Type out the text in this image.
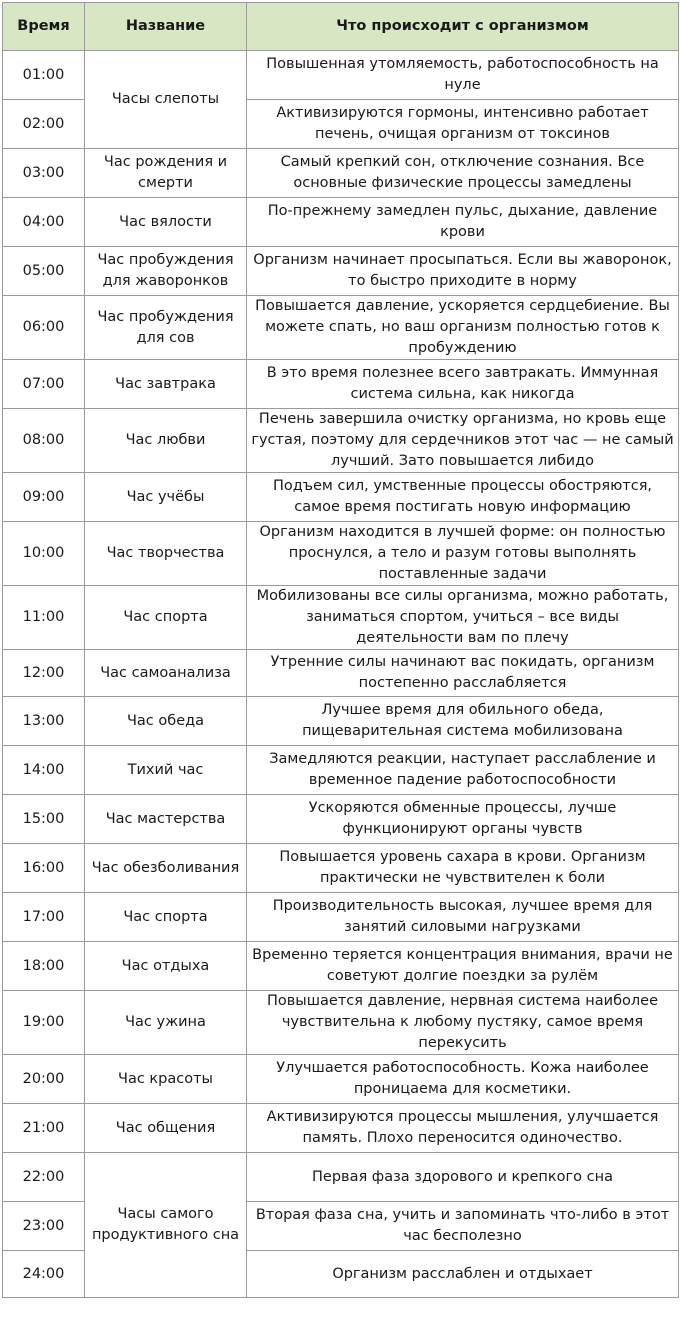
Время	Название	Что происходит с организмом
01:00	Часы слепоты	Повышенная утомляемость, работоспособность на нуле
02:00		Активизируются гормоны, интенсивно работает печень, очищая организм от токсинов
03:00	Час рождения и смерти	Самый крепкий сон, отключение сознания. Все основные физические процессы замедлены
04:00	Час вялости	По-прежнему замедлен пульс, дыхание, давление крови
05:00	Час пробуждения для жаворонков	Организм начинает просыпаться. Если вы жаворонок, то быстро приходите в норму
06:00	Час пробуждения для сов	Повышается давление, ускоряется сердцебиение. Вы можете спать, но ваш организм полностью готов к пробуждению
07:00	Час завтрака	В это время полезнее всего завтракать. Иммунная система сильна, как никогда
08:00	Час любви	Печень завершила очистку организма, но кровь еще густая, поэтому для сердечников этот час — не самый лучший. Зато повышается либидо
09:00	Час учёбы	Подъем сил, умственные процессы обостряются, самое время постигать новую информацию
10:00	Час творчества	Организм находится в лучшей форме: он полностью проснулся, а тело и разум готовы выполнять поставленные задачи
11:00	Час спорта	Мобилизованы все силы организма, можно работать, заниматься спортом, учиться – все виды деятельности вам по плечу
12:00	Час самоанализа	Утренние силы начинают вас покидать, организм постепенно расслабляется
13:00	Час обеда	Лучшее время для обильного обеда, пищеварительная система мобилизована
14:00	Тихий час	Замедляются реакции, наступает расслабление и временное падение работоспособности
15:00	Час мастерства	Ускоряются обменные процессы, лучше функционируют органы чувств
16:00	Час обезболивания	Повышается уровень сахара в крови. Организм практически не чувствителен к боли
17:00	Час спорта	Производительность высокая, лучшее время для занятий силовыми нагрузками
18:00	Час отдыха	Временно теряется концентрация внимания, врачи не советуют долгие поездки за рулём
19:00	Час ужина	Повышается давление, нервная система наиболее чувствительна к любому пустяку, самое время перекусить
20:00	Час красоты	Улучшается работоспособность. Кожа наиболее проницаема для косметики.
21:00	Час общения	Активизируются процессы мышления, улучшается память. Плохо переносится одиночество.
22:00	Часы самого продуктивного сна	Первая фаза здорового и крепкого сна
23:00		Вторая фаза сна, учить и запоминать что-либо в этот час бесполезно
24:00		Организм расслаблен и отдыхает
